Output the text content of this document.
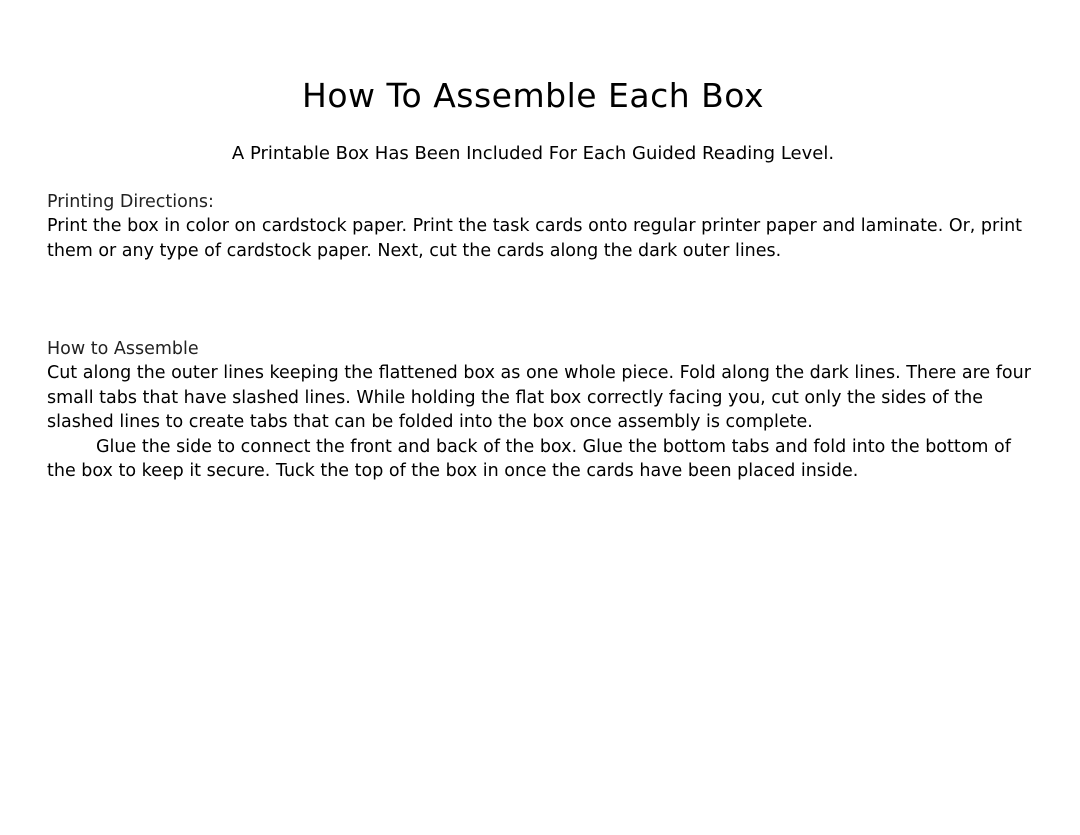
How To Assemble Each Box

A Printable Box Has Been Included For Each Guided Reading Level.

Printing Directions:
Print the box in color on cardstock paper. Print the task cards onto regular printer paper and laminate. Or, print them or any type of cardstock paper. Next, cut the cards along the dark outer lines.
How to Assemble
Cut along the outer lines keeping the flattened box as one whole piece. Fold along the dark lines. There are four small tabs that have slashed lines. While holding the flat box correctly facing you, cut only the sides of the slashed lines to create tabs that can be folded into the box once assembly is complete.
Glue the side to connect the front and back of the box. Glue the bottom tabs and fold into the bottom of the box to keep it secure. Tuck the top of the box in once the cards have been placed inside.
